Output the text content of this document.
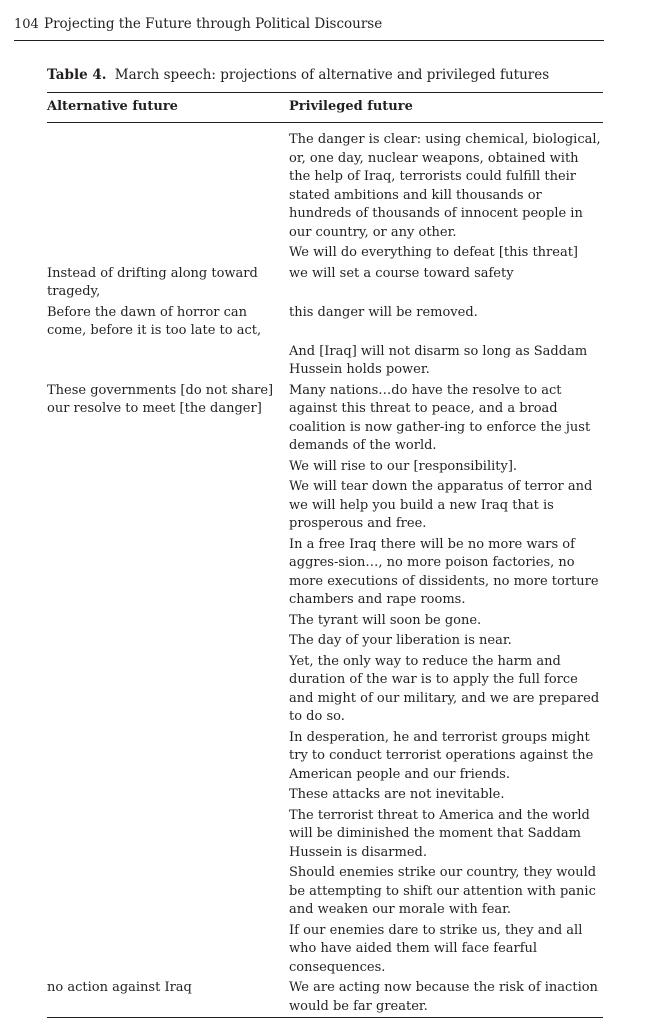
104 Projecting the Future through Political Discourse
Table 4. March speech: projections of alternative and privileged futures
Alternative future	Privileged future
	The danger is clear: using chemical, biological, or, one day, nuclear weapons, obtained with the help of Iraq, terrorists could fulfill their stated ambitions and kill thousands or hundreds of thousands of innocent people in our country, or any other.
	We will do everything to defeat [this threat]
Instead of drifting along toward tragedy,	we will set a course toward safety
Before the dawn of horror can come, before it is too late to act,	this danger will be removed.
	And [Iraq] will not disarm so long as Saddam Hussein holds power.
These governments [do not share] our resolve to meet [the danger]	Many nations…do have the resolve to act against this threat to peace, and a broad coalition is now gather-ing to enforce the just demands of the world.
	We will rise to our [responsibility].
	We will tear down the apparatus of terror and we will help you build a new Iraq that is prosperous and free.
	In a free Iraq there will be no more wars of aggres-sion…, no more poison factories, no more executions of dissidents, no more torture chambers and rape rooms.
	The tyrant will soon be gone.
	The day of your liberation is near.
	Yet, the only way to reduce the harm and duration of the war is to apply the full force and might of our military, and we are prepared to do so.
	In desperation, he and terrorist groups might try to conduct terrorist operations against the American people and our friends.
	These attacks are not inevitable.
	The terrorist threat to America and the world will be diminished the moment that Saddam Hussein is disarmed.
	Should enemies strike our country, they would be attempting to shift our attention with panic and weaken our morale with fear.
	If our enemies dare to strike us, they and all who have aided them will face fearful consequences.
no action against Iraq	We are acting now because the risk of inaction would be far greater.
